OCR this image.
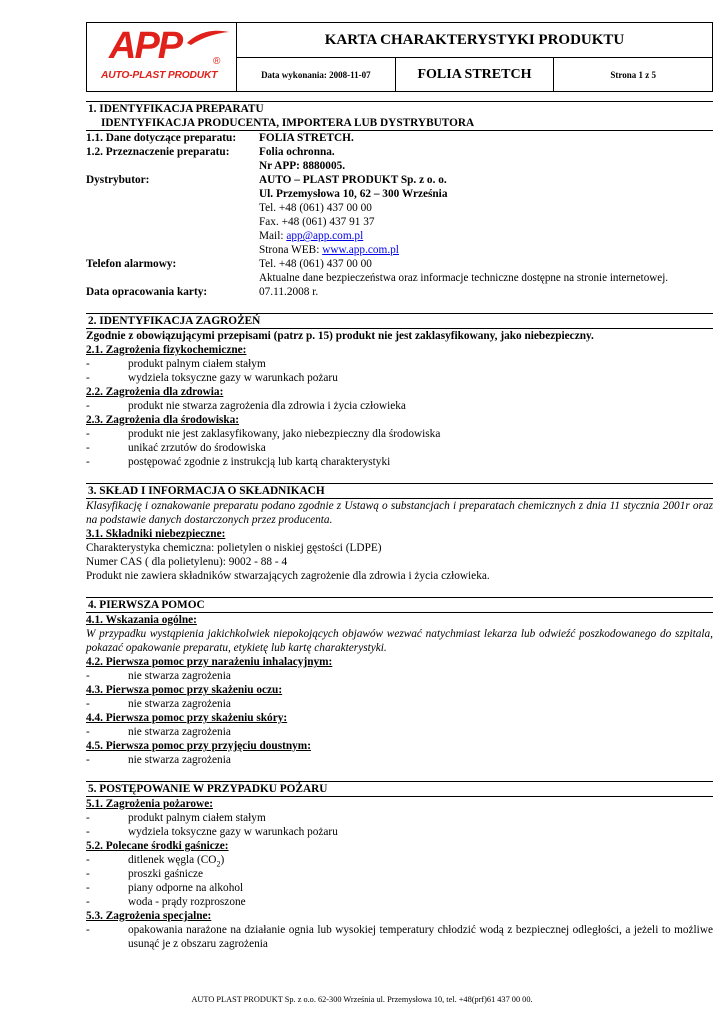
APP ®
AUTO-PLAST PRODUKT	KARTA CHARAKTERYSTYKI PRODUKTU		
	Data wykonania: 2008-11-07	FOLIA STRETCH	Strona 1 z 5
1. IDENTYFIKACJA PREPARATU
IDENTYFIKACJA PRODUCENTA, IMPORTERA LUB DYSTRYBUTORA
1.1. Dane dotyczące preparatu:	FOLIA STRETCH.
1.2. Przeznaczenie preparatu:	Folia ochronna.
Nr APP: 8880005.
Dystrybutor:	AUTO – PLAST PRODUKT Sp. z o. o.
Ul. Przemysłowa 10, 62 – 300 Września
Tel. +48 (061) 437 00 00
Fax. +48 (061) 437 91 37
Mail: app@app.com.pl
Strona WEB: www.app.com.pl
Telefon alarmowy:	Tel. +48 (061) 437 00 00
Aktualne dane bezpieczeństwa oraz informacje techniczne dostępne na stronie internetowej.
Data opracowania karty:	07.11.2008 r.
2. IDENTYFIKACJA ZAGROŻEŃ
Zgodnie z obowiązującymi przepisami (patrz p. 15) produkt nie jest zaklasyfikowany, jako niebezpieczny.
2.1. Zagrożenia fizykochemiczne:
-	produkt palnym ciałem stałym
-	wydziela toksyczne gazy w warunkach pożaru
2.2. Zagrożenia dla zdrowia:
-	produkt nie stwarza zagrożenia dla zdrowia i życia człowieka
2.3. Zagrożenia dla środowiska:
-	produkt nie jest zaklasyfikowany, jako niebezpieczny dla środowiska
-	unikać zrzutów do środowiska
-	postępować zgodnie z instrukcją lub kartą charakterystyki
3. SKŁAD I INFORMACJA O SKŁADNIKACH
Klasyfikację i oznakowanie preparatu podano zgodnie z Ustawą o substancjach i preparatach chemicznych z dnia 11 stycznia 2001r oraz na podstawie danych dostarczonych przez producenta.
3.1. Składniki niebezpieczne:
Charakterystyka chemiczna: polietylen o niskiej gęstości (LDPE)
Numer CAS ( dla polietylenu): 9002 - 88 - 4
Produkt nie zawiera składników stwarzających zagrożenie dla zdrowia i życia człowieka.
4. PIERWSZA POMOC
4.1. Wskazania ogólne:
W przypadku wystąpienia jakichkolwiek niepokojących objawów wezwać natychmiast lekarza lub odwieźć poszkodowanego do szpitala, pokazać opakowanie preparatu, etykietę lub kartę charakterystyki.
4.2. Pierwsza pomoc przy narażeniu inhalacyjnym:
-	nie stwarza zagrożenia
4.3. Pierwsza pomoc przy skażeniu oczu:
-	nie stwarza zagrożenia
4.4. Pierwsza pomoc przy skażeniu skóry:
-	nie stwarza zagrożenia
4.5. Pierwsza pomoc przy przyjęciu doustnym:
-	nie stwarza zagrożenia
5. POSTĘPOWANIE W PRZYPADKU POŻARU
5.1. Zagrożenia pożarowe:
-	produkt palnym ciałem stałym
-	wydziela toksyczne gazy w warunkach pożaru
5.2. Polecane środki gaśnicze:
-	ditlenek węgla $(CO_2)$
-	proszki gaśnicze
-	piany odporne na alkohol
-	woda - prądy rozproszone
5.3. Zagrożenia specjalne:
-	opakowania narażone na działanie ognia lub wysokiej temperatury chłodzić wodą z bezpiecznej odległości, a jeżeli to możliwe usunąć je z obszaru zagrożenia
AUTO PLAST PRODUKT Sp. z o.o. 62-300 Września ul. Przemysłowa 10, tel. +48(prf)61 437 00 00.
